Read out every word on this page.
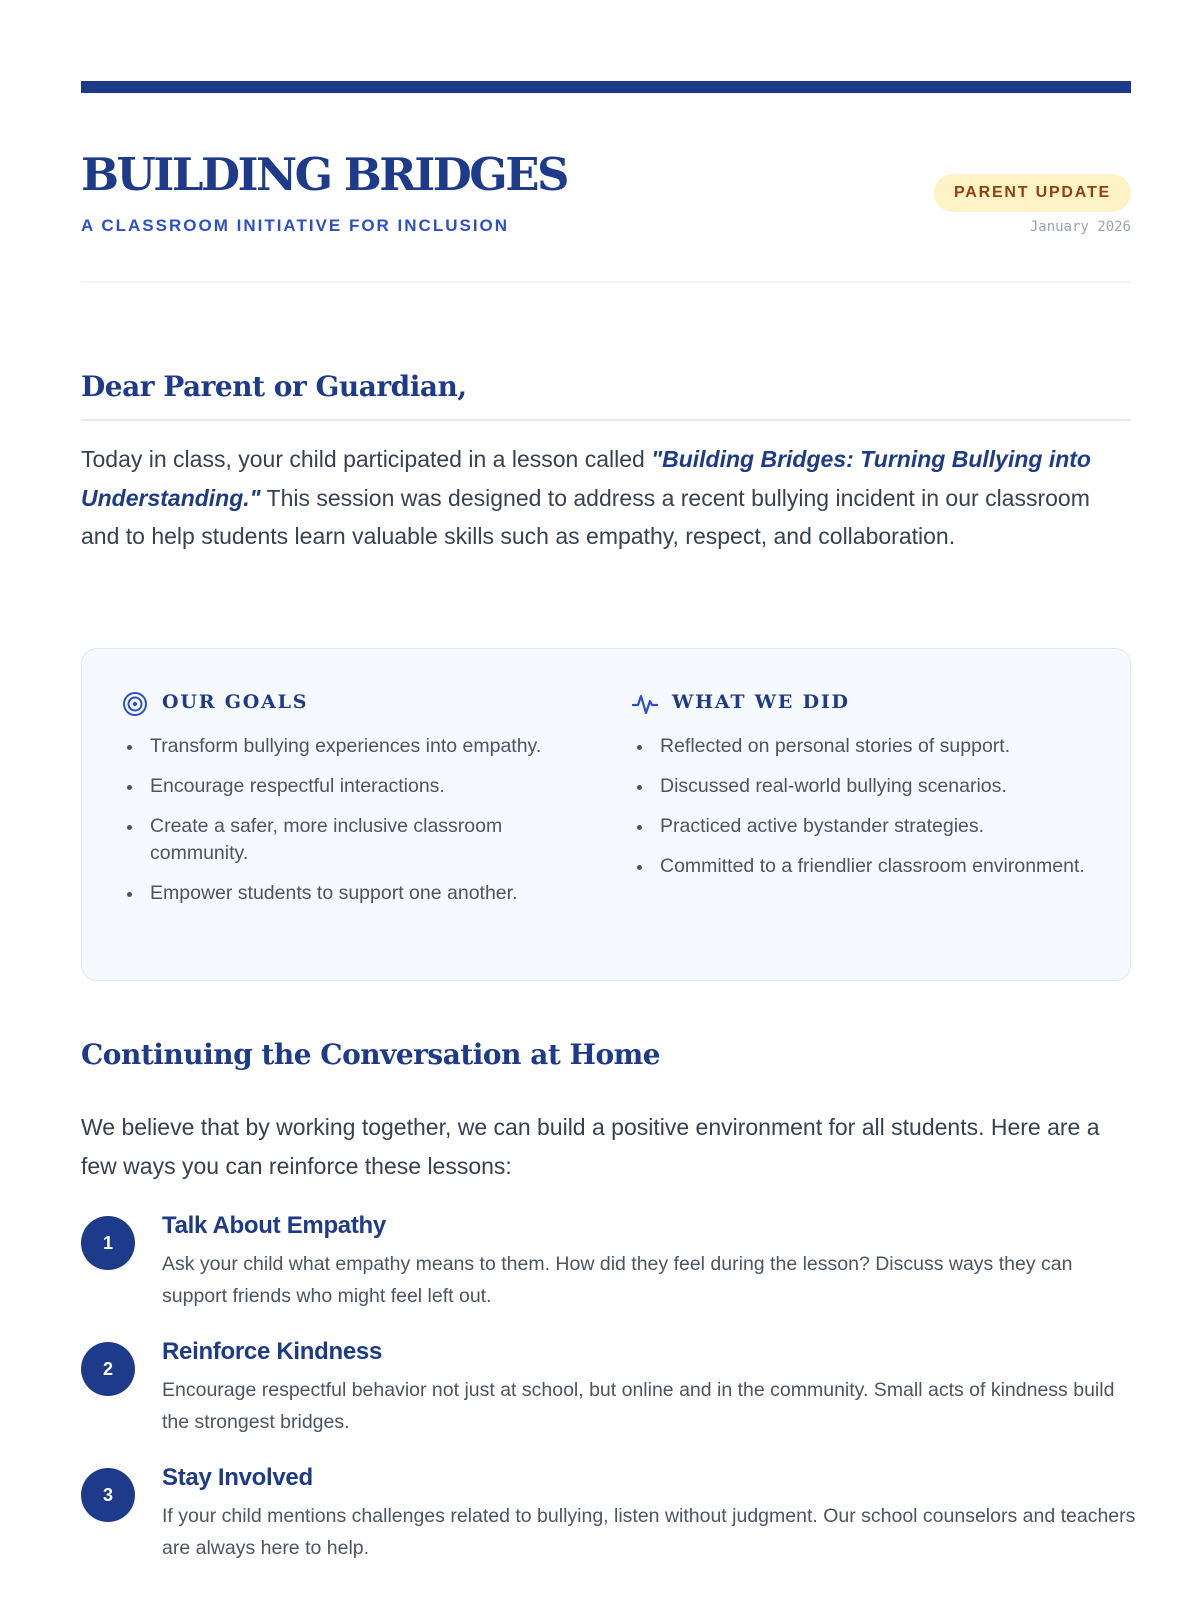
BUILDING BRIDGES
A CLASSROOM INITIATIVE FOR INCLUSION
PARENT UPDATE
January 2026
Dear Parent or Guardian,

Today in class, your child participated in a lesson called "Building Bridges: Turning Bullying into Understanding." This session was designed to address a recent bullying incident in our classroom and to help students learn valuable skills such as empathy, respect, and collaboration.

OUR GOALS
Transform bullying experiences into empathy.
Encourage respectful interactions.
Create a safer, more inclusive classroom community.
Empower students to support one another.
WHAT WE DID
Reflected on personal stories of support.
Discussed real-world bullying scenarios.
Practiced active bystander strategies.
Committed to a friendlier classroom environment.
Continuing the Conversation at Home

We believe that by working together, we can build a positive environment for all students. Here are a few ways you can reinforce these lessons:

1
Talk About Empathy

Ask your child what empathy means to them. How did they feel during the lesson? Discuss ways they can support friends who might feel left out.

2
Reinforce Kindness

Encourage respectful behavior not just at school, but online and in the community. Small acts of kindness build the strongest bridges.

3
Stay Involved

If your child mentions challenges related to bullying, listen without judgment. Our school counselors and teachers are always here to help.
